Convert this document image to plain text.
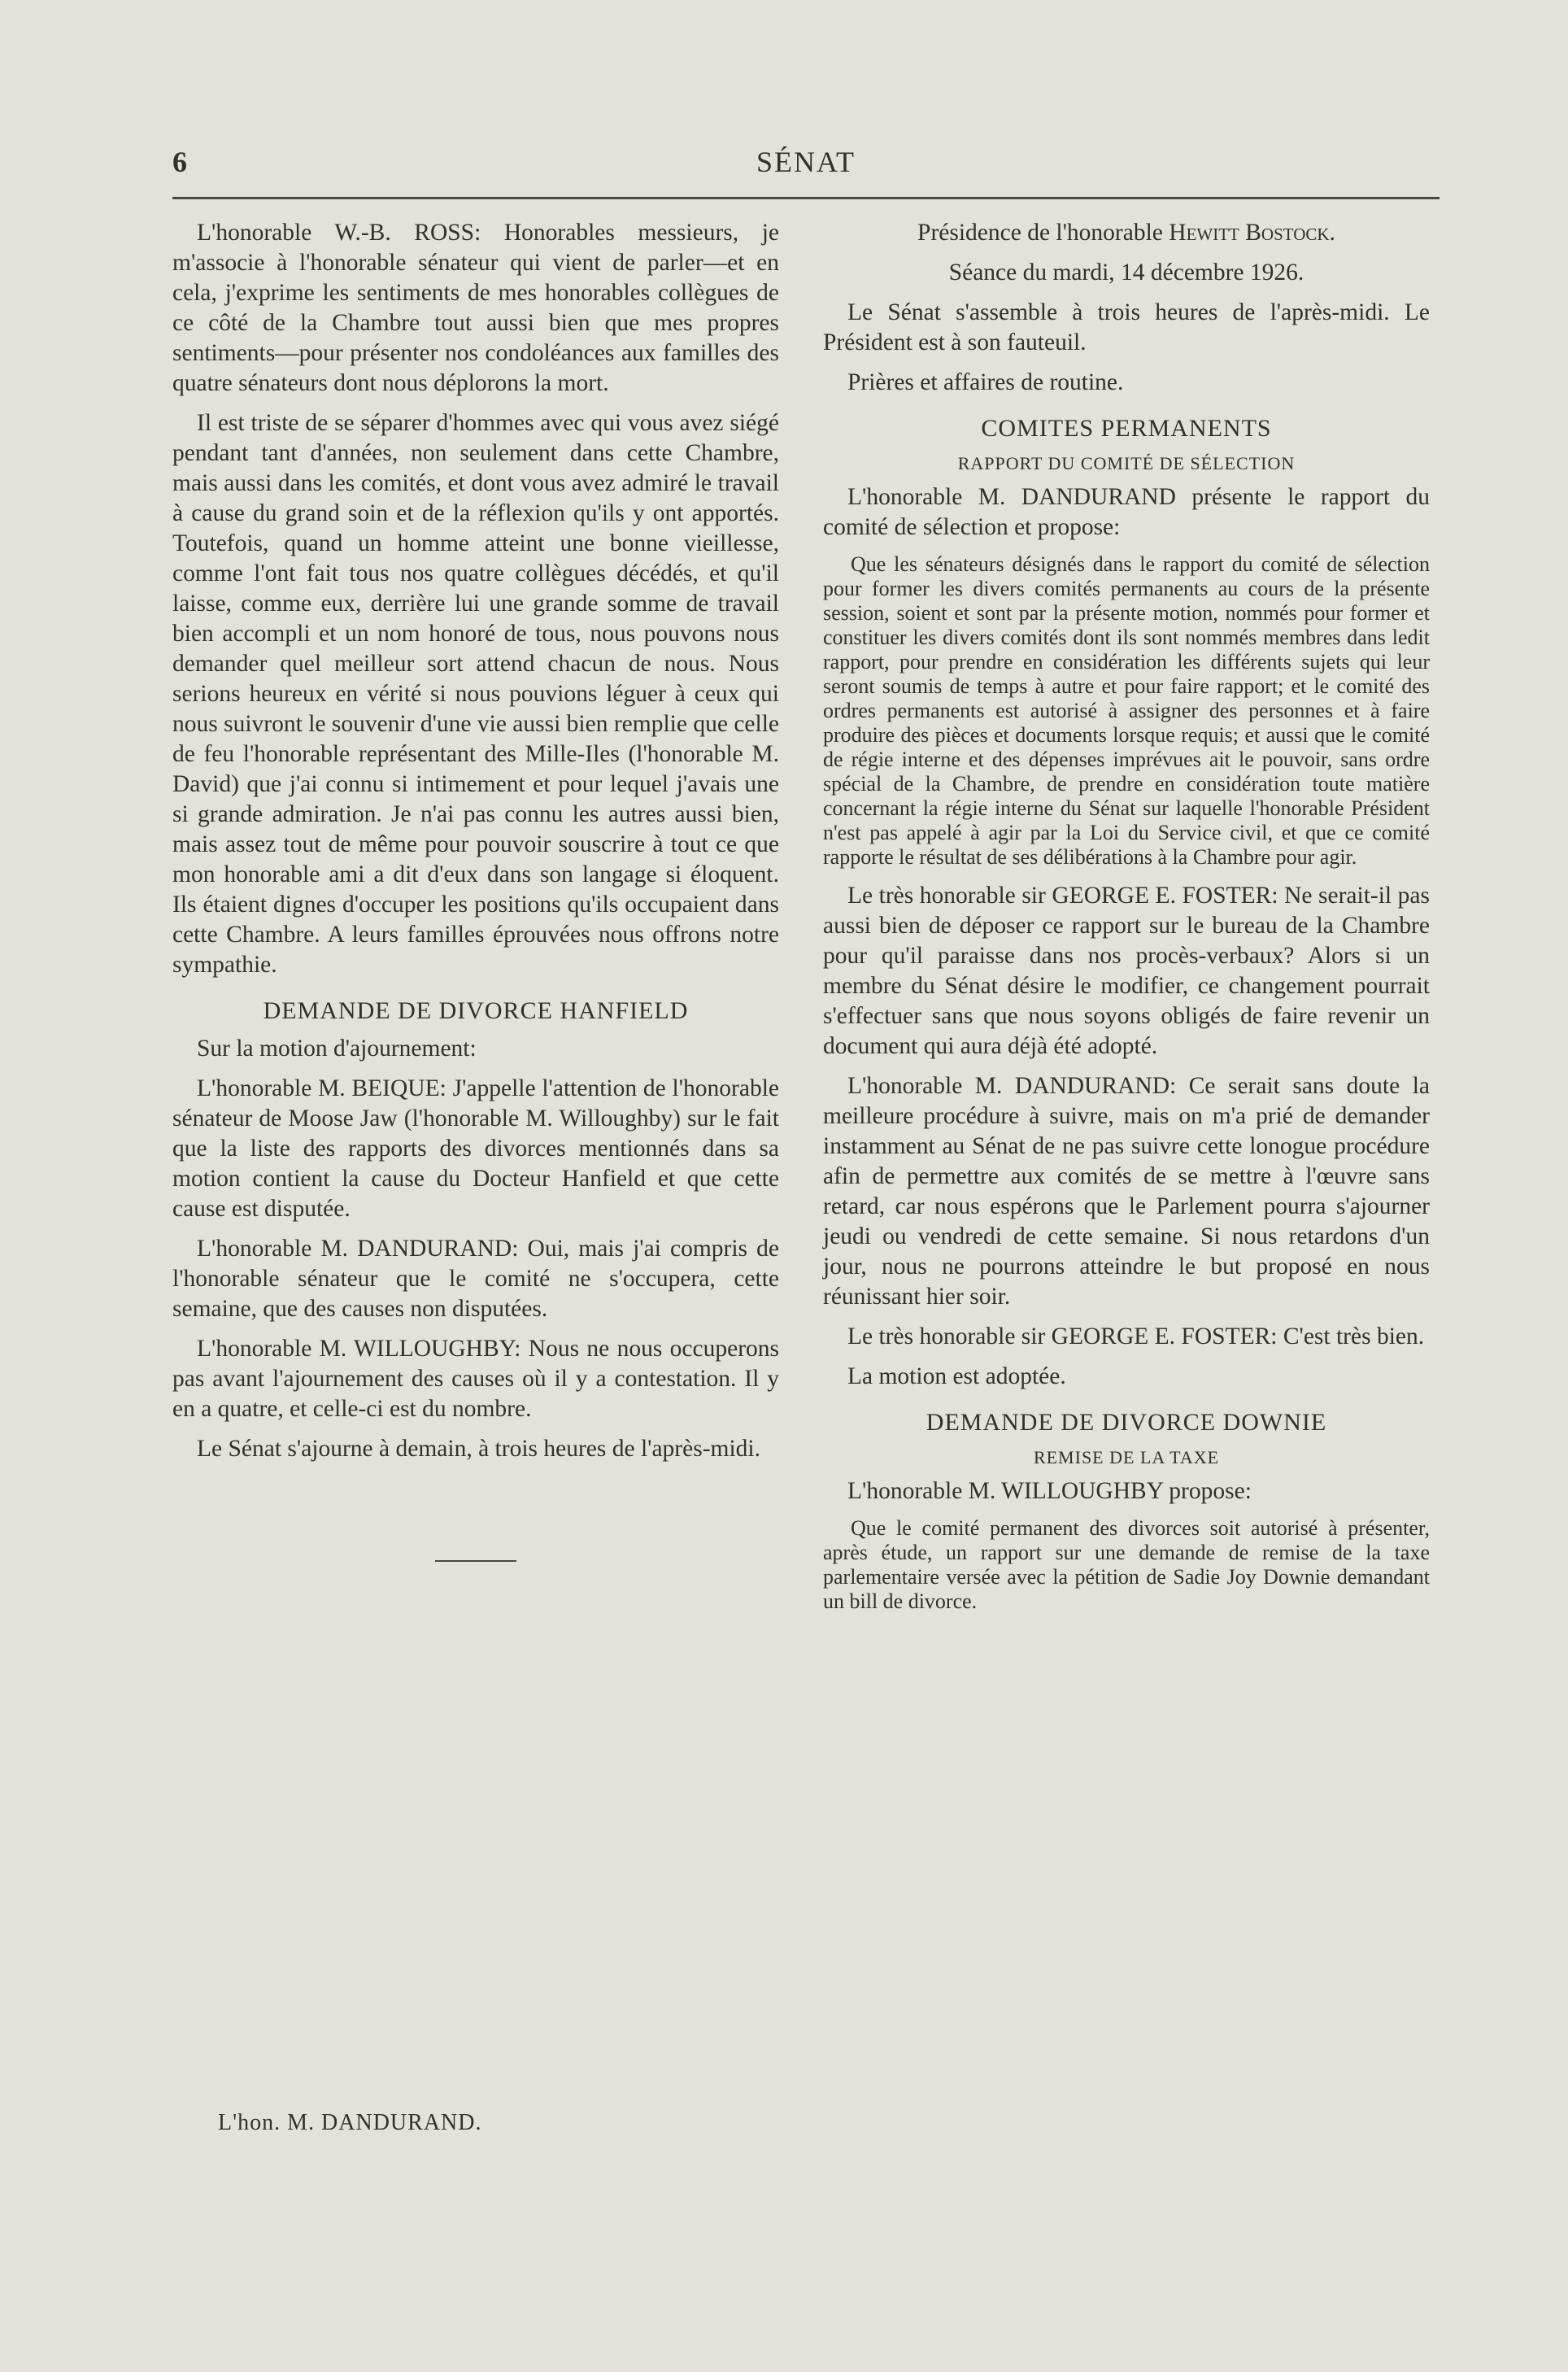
6	SÉNAT

L'honorable W.-B. ROSS: Honorables messieurs, je m'associe à l'honorable sénateur qui vient de parler—et en cela, j'exprime les sentiments de mes honorables collègues de ce côté de la Chambre tout aussi bien que mes propres sentiments—pour présenter nos condoléances aux familles des quatre sénateurs dont nous déplorons la mort.

Il est triste de se séparer d'hommes avec qui vous avez siégé pendant tant d'années, non seulement dans cette Chambre, mais aussi dans les comités, et dont vous avez admiré le travail à cause du grand soin et de la réflexion qu'ils y ont apportés. Toutefois, quand un homme atteint une bonne vieillesse, comme l'ont fait tous nos quatre collègues décédés, et qu'il laisse, comme eux, derrière lui une grande somme de travail bien accompli et un nom honoré de tous, nous pouvons nous demander quel meilleur sort attend chacun de nous. Nous serions heureux en vérité si nous pouvions léguer à ceux qui nous suivront le souvenir d'une vie aussi bien remplie que celle de feu l'honorable représentant des Mille-Iles (l'honorable M. David) que j'ai connu si intimement et pour lequel j'avais une si grande admiration. Je n'ai pas connu les autres aussi bien, mais assez tout de même pour pouvoir souscrire à tout ce que mon honorable ami a dit d'eux dans son langage si éloquent. Ils étaient dignes d'occuper les positions qu'ils occupaient dans cette Chambre. A leurs familles éprouvées nous offrons notre sympathie.

DEMANDE DE DIVORCE HANFIELD

Sur la motion d'ajournement:

L'honorable M. BEIQUE: J'appelle l'attention de l'honorable sénateur de Moose Jaw (l'honorable M. Willoughby) sur le fait que la liste des rapports des divorces mentionnés dans sa motion contient la cause du Docteur Hanfield et que cette cause est disputée.

L'honorable M. DANDURAND: Oui, mais j'ai compris de l'honorable sénateur que le comité ne s'occupera, cette semaine, que des causes non disputées.

L'honorable M. WILLOUGHBY: Nous ne nous occuperons pas avant l'ajournement des causes où il y a contestation. Il y en a quatre, et celle-ci est du nombre.

Le Sénat s'ajourne à demain, à trois heures de l'après-midi.

Présidence de l'honorable Hewitt Bostock.

Séance du mardi, 14 décembre 1926.

Le Sénat s'assemble à trois heures de l'après-midi. Le Président est à son fauteuil.

Prières et affaires de routine.

COMITES PERMANENTS
RAPPORT DU COMITÉ DE SÉLECTION

L'honorable M. DANDURAND présente le rapport du comité de sélection et propose:

Que les sénateurs désignés dans le rapport du comité de sélection pour former les divers comités permanents au cours de la présente session, soient et sont par la présente motion, nommés pour former et constituer les divers comités dont ils sont nommés membres dans ledit rapport, pour prendre en considération les différents sujets qui leur seront soumis de temps à autre et pour faire rapport; et le comité des ordres permanents est autorisé à assigner des personnes et à faire produire des pièces et documents lorsque requis; et aussi que le comité de régie interne et des dépenses imprévues ait le pouvoir, sans ordre spécial de la Chambre, de prendre en considération toute matière concernant la régie interne du Sénat sur laquelle l'honorable Président n'est pas appelé à agir par la Loi du Service civil, et que ce comité rapporte le résultat de ses délibérations à la Chambre pour agir.

Le très honorable sir GEORGE E. FOSTER: Ne serait-il pas aussi bien de déposer ce rapport sur le bureau de la Chambre pour qu'il paraisse dans nos procès-verbaux? Alors si un membre du Sénat désire le modifier, ce changement pourrait s'effectuer sans que nous soyons obligés de faire revenir un document qui aura déjà été adopté.

L'honorable M. DANDURAND: Ce serait sans doute la meilleure procédure à suivre, mais on m'a prié de demander instamment au Sénat de ne pas suivre cette lonogue procédure afin de permettre aux comités de se mettre à l'œuvre sans retard, car nous espérons que le Parlement pourra s'ajourner jeudi ou vendredi de cette semaine. Si nous retardons d'un jour, nous ne pourrons atteindre le but proposé en nous réunissant hier soir.

Le très honorable sir GEORGE E. FOSTER: C'est très bien.

La motion est adoptée.

DEMANDE DE DIVORCE DOWNIE
REMISE DE LA TAXE

L'honorable M. WILLOUGHBY propose:

Que le comité permanent des divorces soit autorisé à présenter, après étude, un rapport sur une demande de remise de la taxe parlementaire versée avec la pétition de Sadie Joy Downie demandant un bill de divorce.

L'hon. M. DANDURAND.
